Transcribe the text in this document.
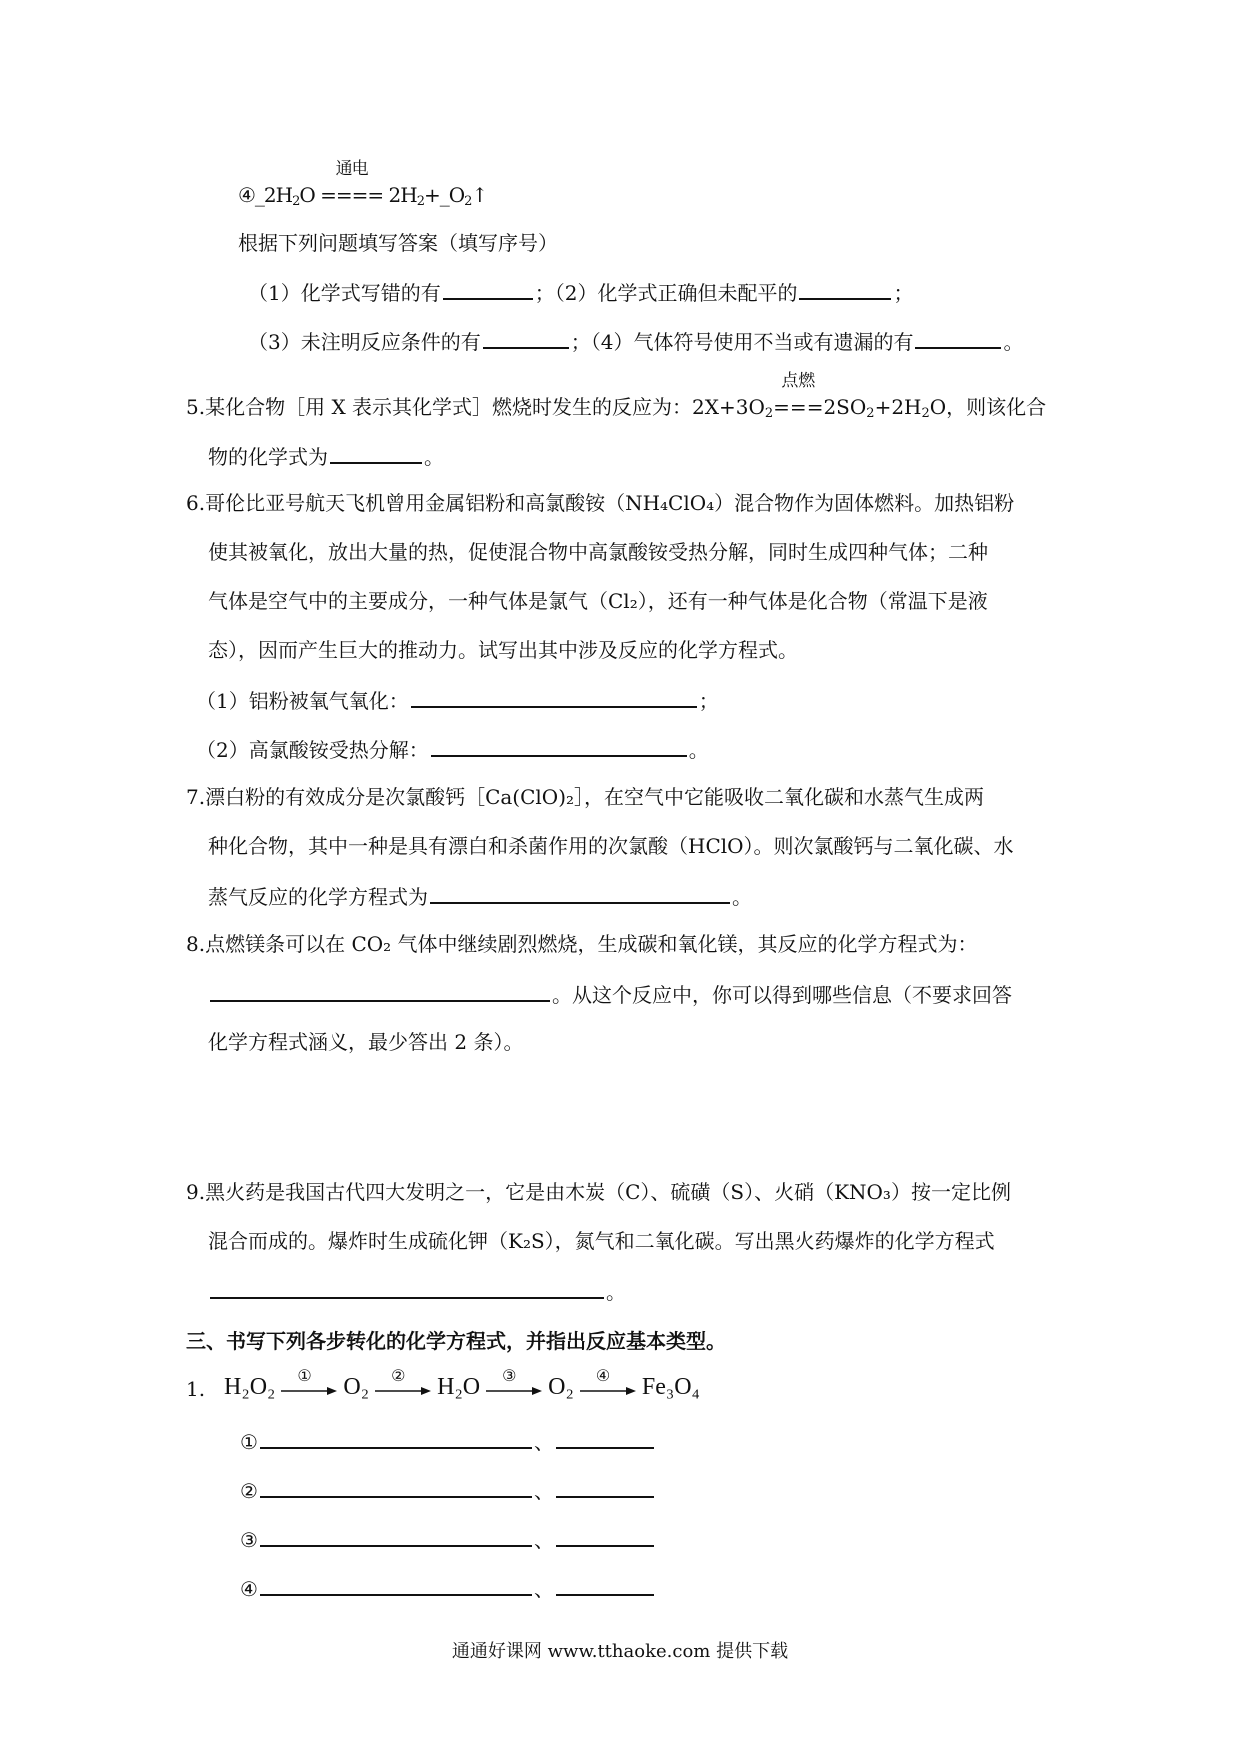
$④\_2H_2O$
通电
==== $2H_2+\_O_2↑$
根据下列问题填写答案（填写序号）
（1）化学式写错的有	；（2）化学式正确但未配平的	；
（3）未注明反应条件的有	；（4）气体符号使用不当或有遗漏的有	。
5.某化合物［用 X 表示其化学式］燃烧时发生的反应为：$2X+3O_2$
点燃
$===2SO_2+2H_2O$，则该化合
物的化学式为	。
6.哥伦比亚号航天飞机曾用金属铝粉和高氯酸铵（NH₄ClO₄）混合物作为固体燃料。加热铝粉
使其被氧化，放出大量的热，促使混合物中高氯酸铵受热分解，同时生成四种气体；二种
气体是空气中的主要成分，一种气体是氯气（Cl₂），还有一种气体是化合物（常温下是液
态），因而产生巨大的推动力。试写出其中涉及反应的化学方程式。
（1）铝粉被氧气氧化：	；
（2）高氯酸铵受热分解：	。
7.漂白粉的有效成分是次氯酸钙［Ca(ClO)₂］，在空气中它能吸收二氧化碳和水蒸气生成两
种化合物，其中一种是具有漂白和杀菌作用的次氯酸（HClO）。则次氯酸钙与二氧化碳、水
蒸气反应的化学方程式为	。
8.点燃镁条可以在 CO₂ 气体中继续剧烈燃烧，生成碳和氧化镁，其反应的化学方程式为：
。从这个反应中，你可以得到哪些信息（不要求回答
化学方程式涵义，最少答出 2 条）。
9.黑火药是我国古代四大发明之一，它是由木炭（C）、硫磺（S）、火硝（KNO₃）按一定比例
混合而成的。爆炸时生成硫化钾（K₂S），氮气和二氧化碳。写出黑火药爆炸的化学方程式
。
三、书写下列各步转化的化学方程式，并指出反应基本类型。
1. H₂O₂ ① O₂ ② H₂O ③ O₂ ④ Fe₃O₄
①	、
②	、
③	、
④	、
通通好课网 www.tthaoke.com 提供下载
